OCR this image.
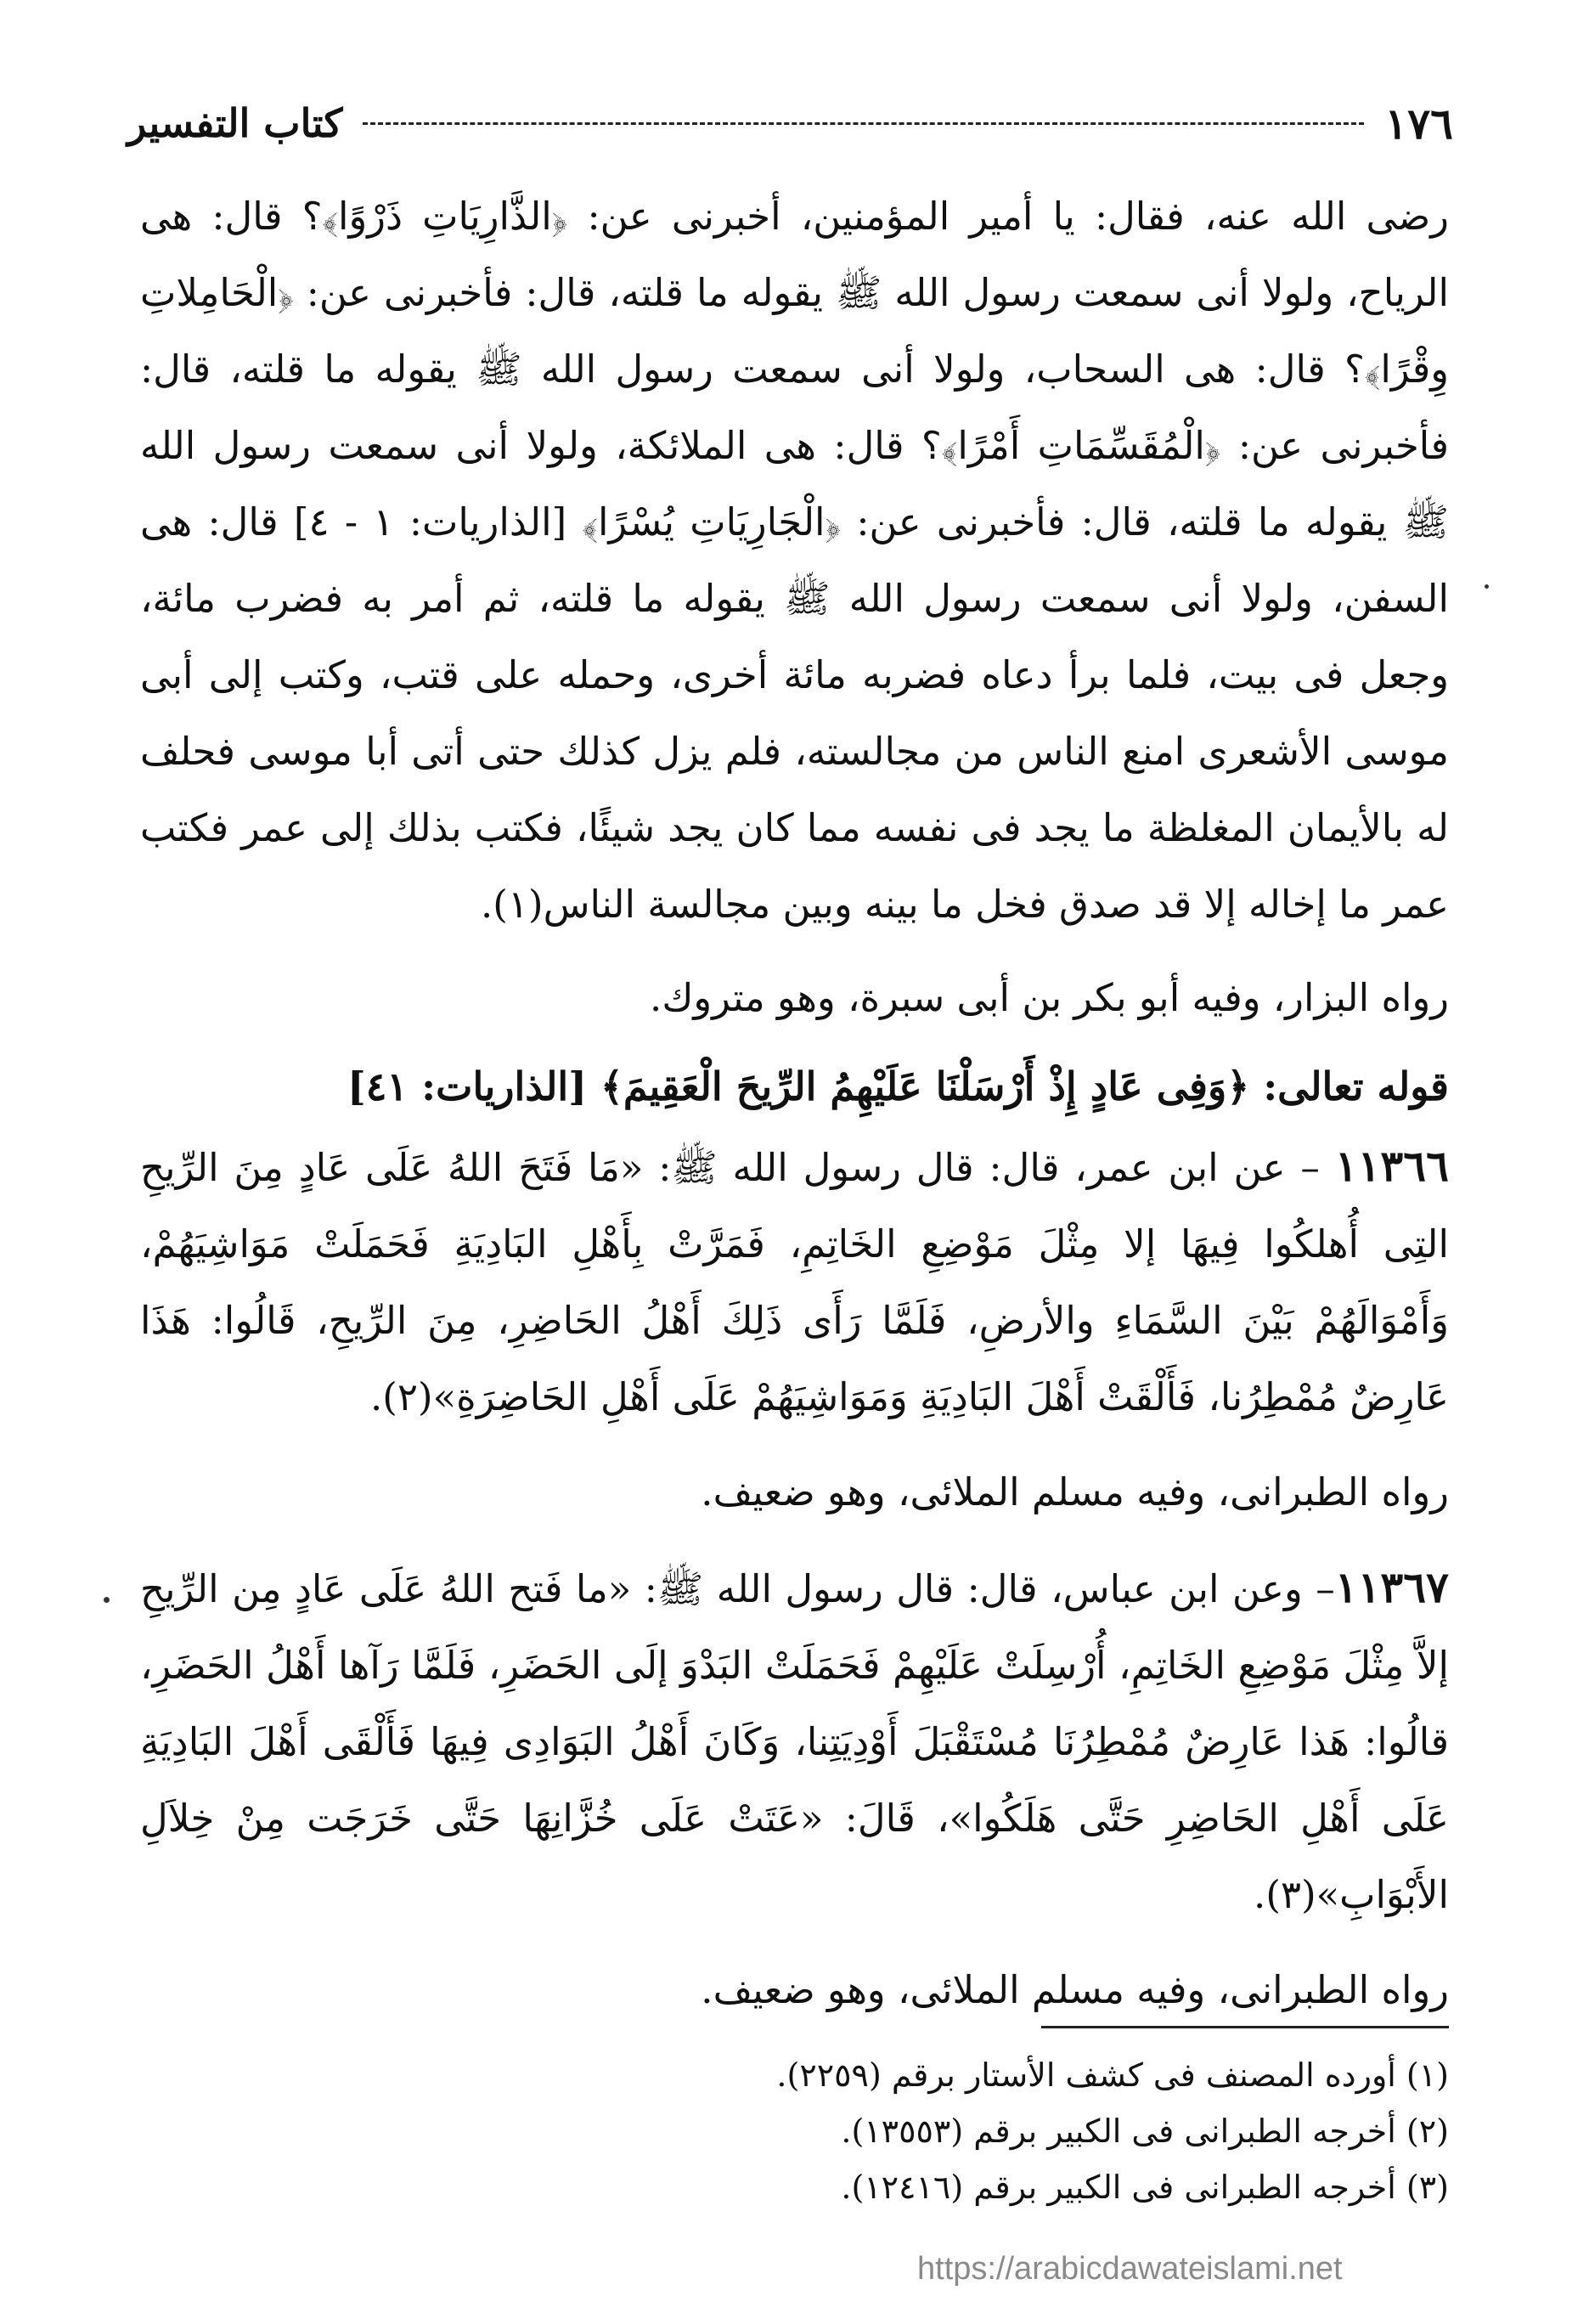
١٧٦
كتاب التفسير

رضى الله عنه، فقال: يا أمير المؤمنين، أخبرنى عن: ﴿الذَّارِيَاتِ ذَرْوًا﴾؟ قال: هى الرياح، ولولا أنى سمعت رسول الله ﷺ يقوله ما قلته، قال: فأخبرنى عن: ﴿الْحَامِلاتِ وِقْرًا﴾؟ قال: هى السحاب، ولولا أنى سمعت رسول الله ﷺ يقوله ما قلته، قال: فأخبرنى عن: ﴿الْمُقَسِّمَاتِ أَمْرًا﴾؟ قال: هى الملائكة، ولولا أنى سمعت رسول الله ﷺ يقوله ما قلته، قال: فأخبرنى عن: ﴿الْجَارِيَاتِ يُسْرًا﴾ [الذاريات: ١ - ٤] قال: هى السفن، ولولا أنى سمعت رسول الله ﷺ يقوله ما قلته، ثم أمر به فضرب مائة، وجعل فى بيت، فلما برأ دعاه فضربه مائة أخرى، وحمله على قتب، وكتب إلى أبى موسى الأشعرى امنع الناس من مجالسته، فلم يزل كذلك حتى أتى أبا موسى فحلف له بالأيمان المغلظة ما يجد فى نفسه مما كان يجد شيئًا، فكتب بذلك إلى عمر فكتب عمر ما إخاله إلا قد صدق فخل ما بينه وبين مجالسة الناس(١).

رواه البزار، وفيه أبو بكر بن أبى سبرة، وهو متروك.

قوله تعالى: ﴿وَفِى عَادٍ إِذْ أَرْسَلْنَا عَلَيْهِمُ الرِّيحَ الْعَقِيمَ﴾ [الذاريات: ٤١]

١١٣٦٦ – عن ابن عمر، قال: قال رسول الله ﷺ: «مَا فَتَحَ اللهُ عَلَى عَادٍ مِنَ الرِّيحِ التِى أُهلكُوا فِيهَا إلا مِثْلَ مَوْضِعِ الخَاتِمِ، فَمَرَّتْ بِأَهْلِ البَادِيَةِ فَحَمَلَتْ مَوَاشِيَهُمْ، وَأَمْوَالَهُمْ بَيْنَ السَّمَاءِ والأرضِ، فَلَمَّا رَأَى ذَلِكَ أَهْلُ الحَاضِرِ، مِنَ الرِّيحِ، قَالُوا: هَذَا عَارِضٌ مُمْطِرُنا، فَأَلْقَتْ أَهْلَ البَادِيَةِ وَمَوَاشِيَهُمْ عَلَى أَهْلِ الحَاضِرَةِ»(٢).

رواه الطبرانى، وفيه مسلم الملائى، وهو ضعيف.

١١٣٦٧– وعن ابن عباس، قال: قال رسول الله ﷺ: «ما فَتح اللهُ عَلَى عَادٍ مِن الرِّيحِ إلاَّ مِثْلَ مَوْضِعِ الخَاتِمِ، أُرْسِلَتْ عَلَيْهِمْ فَحَمَلَتْ البَدْوَ إلَى الحَضَرِ، فَلَمَّا رَآها أَهْلُ الحَضَرِ، قالُوا: هَذا عَارِضٌ مُمْطِرُنَا مُسْتَقْبَلَ أَوْدِيَتِنا، وَكَانَ أَهْلُ البَوَادِى فِيهَا فَأَلْقَى أَهْلَ البَادِيَةِ عَلَى أَهْلِ الحَاضِرِ حَتَّى هَلَكُوا»، قَالَ: «عَتَتْ عَلَى خُزَّانِهَا حَتَّى خَرَجَت مِنْ خِلاَلِ الأَبْوَابِ»(٣).

رواه الطبرانى، وفيه مسلم الملائى، وهو ضعيف.

(١) أورده المصنف فى كشف الأستار برقم (٢٢٥٩).

(٢) أخرجه الطبرانى فى الكبير برقم (١٣٥٥٣).

(٣) أخرجه الطبرانى فى الكبير برقم (١٢٤١٦).

https://arabicdawateislami.net
